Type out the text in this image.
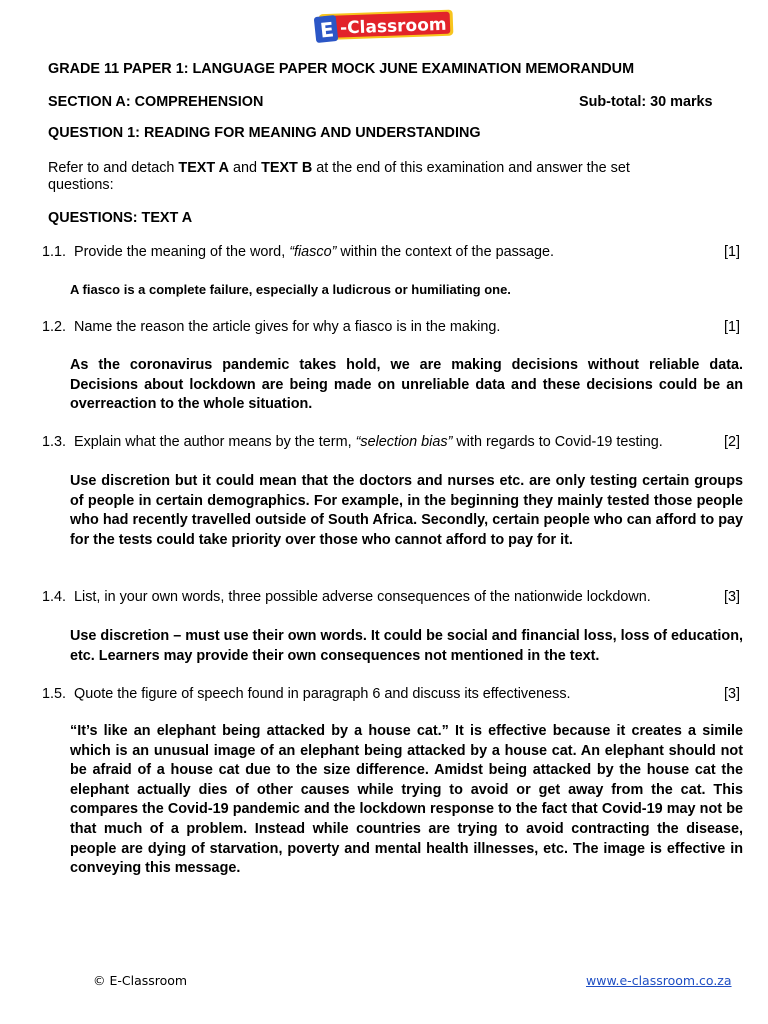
E -Classroom
GRADE 11 PAPER 1: LANGUAGE PAPER MOCK JUNE EXAMINATION MEMORANDUM
SECTION A: COMPREHENSION	Sub-total: 30 marks
QUESTION 1: READING FOR MEANING AND UNDERSTANDING
Refer to and detach TEXT A and TEXT B at the end of this examination and answer the set
questions:
QUESTIONS: TEXT A
1.1. Provide the meaning of the word, “fiasco” within the context of the passage.	[1]
A fiasco is a complete failure, especially a ludicrous or humiliating one.
1.2. Name the reason the article gives for why a fiasco is in the making.	[1]
As the coronavirus pandemic takes hold, we are making decisions without reliable data. Decisions about lockdown are being made on unreliable data and these decisions could be an overreaction to the whole situation.
1.3. Explain what the author means by the term, “selection bias” with regards to Covid-19 testing.	[2]
Use discretion but it could mean that the doctors and nurses etc. are only testing certain groups of people in certain demographics. For example, in the beginning they mainly tested those people who had recently travelled outside of South Africa. Secondly, certain people who can afford to pay for the tests could take priority over those who cannot afford to pay for it.
1.4. List, in your own words, three possible adverse consequences of the nationwide lockdown.	[3]
Use discretion – must use their own words. It could be social and financial loss, loss of education, etc. Learners may provide their own consequences not mentioned in the text.
1.5. Quote the figure of speech found in paragraph 6 and discuss its effectiveness.	[3]
“It’s like an elephant being attacked by a house cat.” It is effective because it creates a simile which is an unusual image of an elephant being attacked by a house cat. An elephant should not be afraid of a house cat due to the size difference. Amidst being attacked by the house cat the elephant actually dies of other causes while trying to avoid or get away from the cat. This compares the Covid-19 pandemic and the lockdown response to the fact that Covid-19 may not be that much of a problem. Instead while countries are trying to avoid contracting the disease, people are dying of starvation, poverty and mental health illnesses, etc. The image is effective in conveying this message.
© E-Classroom	www.e-classroom.co.za
